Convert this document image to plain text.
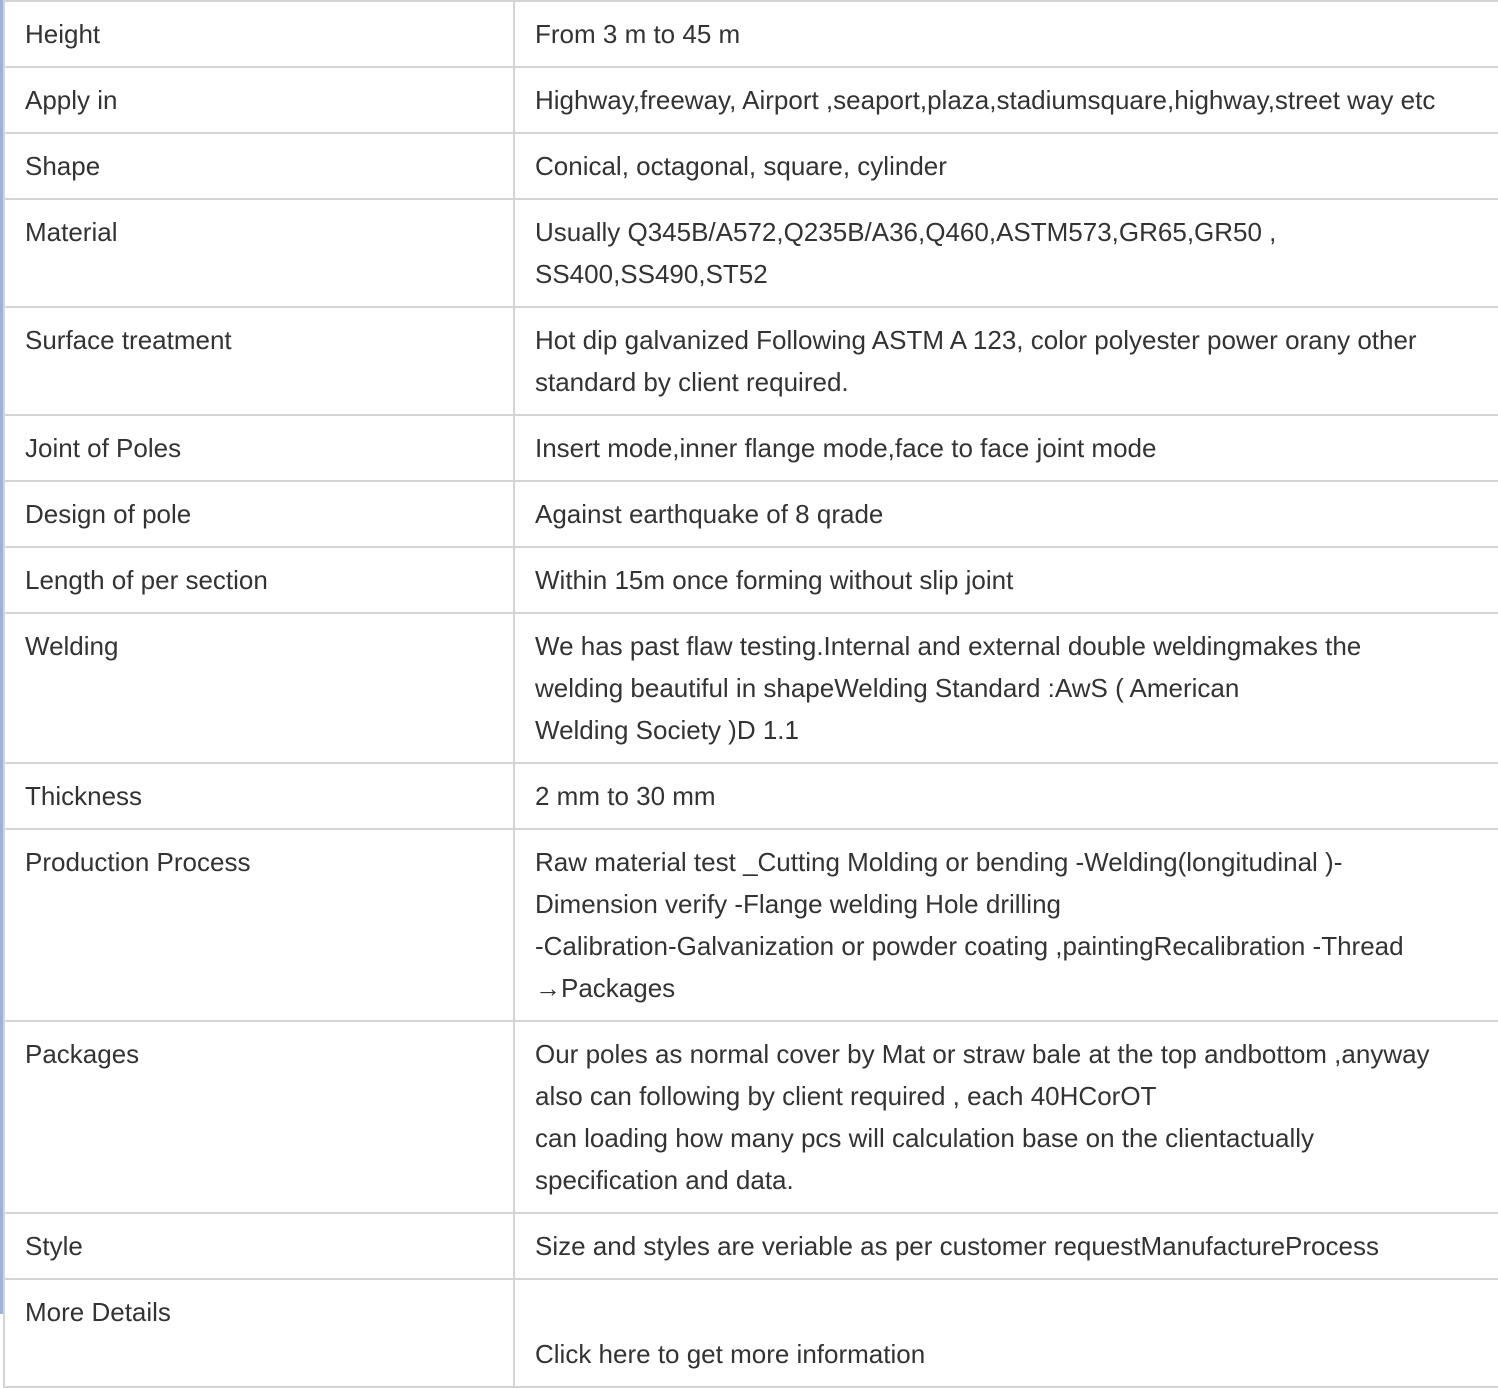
Height	From 3 m to 45 m
Apply in	Highway,freeway, Airport ,seaport,plaza,stadiumsquare,highway,street way etc
Shape	Conical, octagonal, square, cylinder
Material	Usually Q345B/A572,Q235B/A36,Q460,ASTM573,GR65,GR50 ,
SS400,SS490,ST52
Surface treatment	Hot dip galvanized Following ASTM A 123, color polyester power orany other
standard by client required.
Joint of Poles	Insert mode,inner flange mode,face to face joint mode
Design of pole	Against earthquake of 8 qrade
Length of per section	Within 15m once forming without slip joint
Welding	We has past flaw testing.Internal and external double weldingmakes the
welding beautiful in shapeWelding Standard :AwS ( American
Welding Society )D 1.1
Thickness	2 mm to 30 mm
Production Process	Raw material test _Cutting Molding or bending -Welding(longitudinal )-
Dimension verify -Flange welding Hole drilling
-Calibration-Galvanization or powder coating ,paintingRecalibration -Thread
→Packages
Packages	Our poles as normal cover by Mat or straw bale at the top andbottom ,anyway
also can following by client required , each 40HCorOT
can loading how many pcs will calculation base on the clientactually
specification and data.
Style	Size and styles are veriable as per customer requestManufactureProcess
More Details	Click here to get more information
